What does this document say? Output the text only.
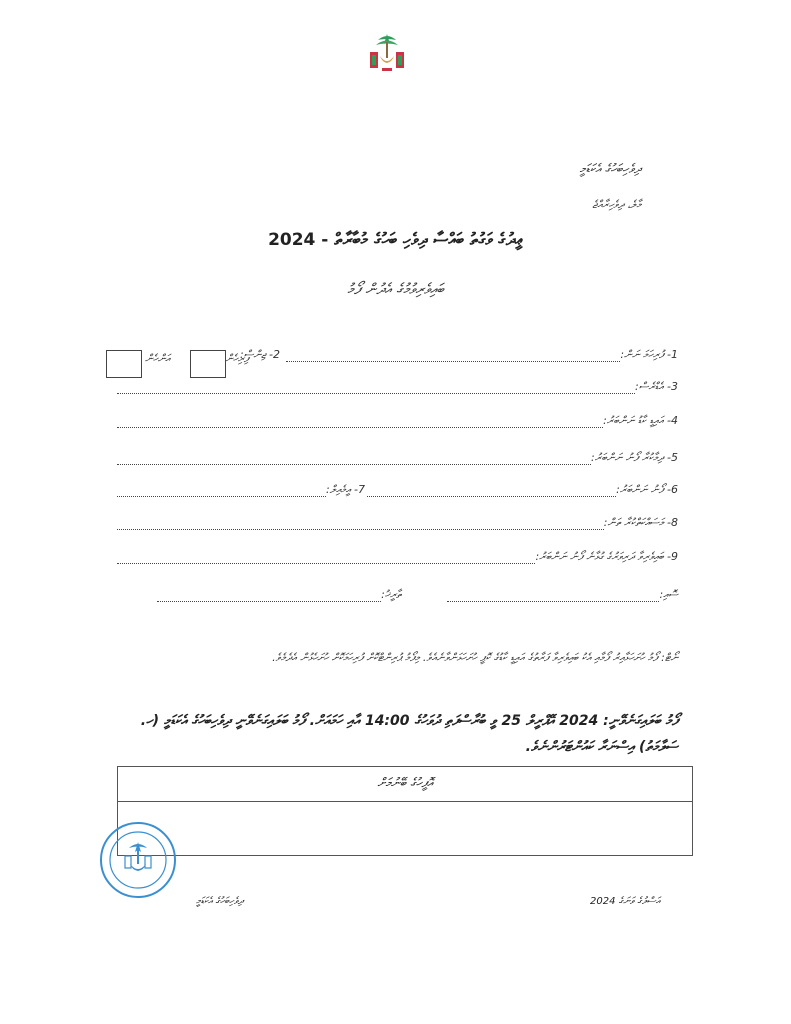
ދިވެހިބަހުގެ އެކަޑަމީ
މާލެ، ދިވެހިރާއްޖެ
ޢީދުގެ ވަގުތު ބައްސާ ދިވެހި ބަހުގެ މުބާރާތް - 2024
ބައިވެރިވުމުގެ އެދުން ފޯމު
1- ފުރިހަމަ ނަން:
2- ޖިންސް:
ފިރިހެން
އަންހެން
3- އެޑްރެސް:
4- އައިޑީ ކާޑު ނަންބަރު:
5- ދިމާކުރާ ފޯނު ނަންބަރު:
6- ފޯނު ނަންބަރު:
7- އީމެއިލް:
8- މަސައްކަތްކުރާ ތަން:
9- ބައިވެރިވާ ދަރިވަރުގެ ގުޅާނެ ފޯނު ނަންބަރު:
ސޮއި:
ތާރީޚު:
ނޯޓް: ފޯމު ހުށަހަޅާއިރު ފޯމާއި އެކު ބައިވެރިވާ ފަރާތުގެ އައިޑީ ކާޑުގެ ކޮޕީ ހުށަހަޅަންވާނެއެވެ. މިފޯމު ޕުރިންޓްކޮށް ފުރިހަމަކޮށް ހުށަހެޅުން އެދެމެވެ.
ފޯމު ބަލައިގަނެވޭނީ: 2024 އޭޕްރީލް 25 ވީ ބުރާސްފަތި ދުވަހުގެ 14:00 އާއި ހަމައަށް. ފޯމު ބަލައިގަނެވޭނީ ދިވެހިބަހުގެ އެކަޑަމީ (ހ. ސަލާމަތު) އިސްނަރާ ކައުންޓަރުންނެވެ.
އޮފީހުގެ ބޭނުމަށް
އަސްލުގެ ވަނަގެ 2024
ދިވެހިބަހުގެ އެކަޑަމީ
